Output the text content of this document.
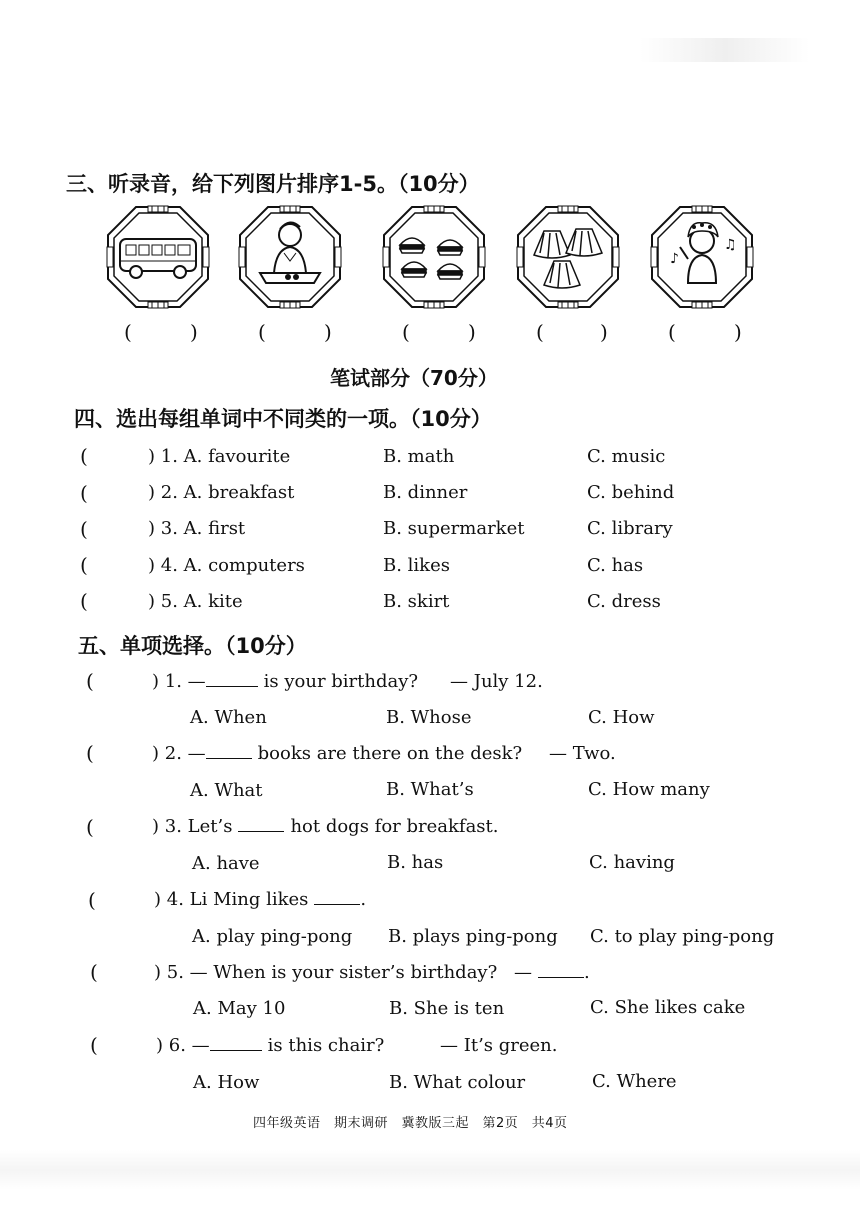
三、听录音，给下列图片排序1-5。（10分）
♪
♫
(	)	(	)	(	)	(	)	(	)
笔试部分（70分）
四、选出每组单词中不同类的一项。（10分）
(	) 1. A. favourite	B. math	C. music
(	) 2. A. breakfast	B. dinner	C. behind
(	) 3. A. first	B. supermarket	C. library
(	) 4. A. computers	B. likes	C. has
(	) 5. A. kite	B. skirt	C. dress
五、单项选择。（10分）
(	) 1. —	is your birthday? — July 12.
A. When	B. Whose	C. How
(	) 2. —	books are there on the desk? — Two.
A. What	B. What’s	C. How many
(	) 3. Let’s	hot dogs for breakfast.
A. have	B. has	C. having
(	) 4. Li Ming likes	.
A. play ping-pong B. plays ping-pong C. to play ping-pong
(	) 5. — When is your sister’s birthday? —	.
A. May 10	B. She is ten	C. She likes cake
(	) 6. —	is this chair?	— It’s green.
A. How	B. What colour	C. Where
四年级英语　期末调研　冀教版三起　第2页　共4页
